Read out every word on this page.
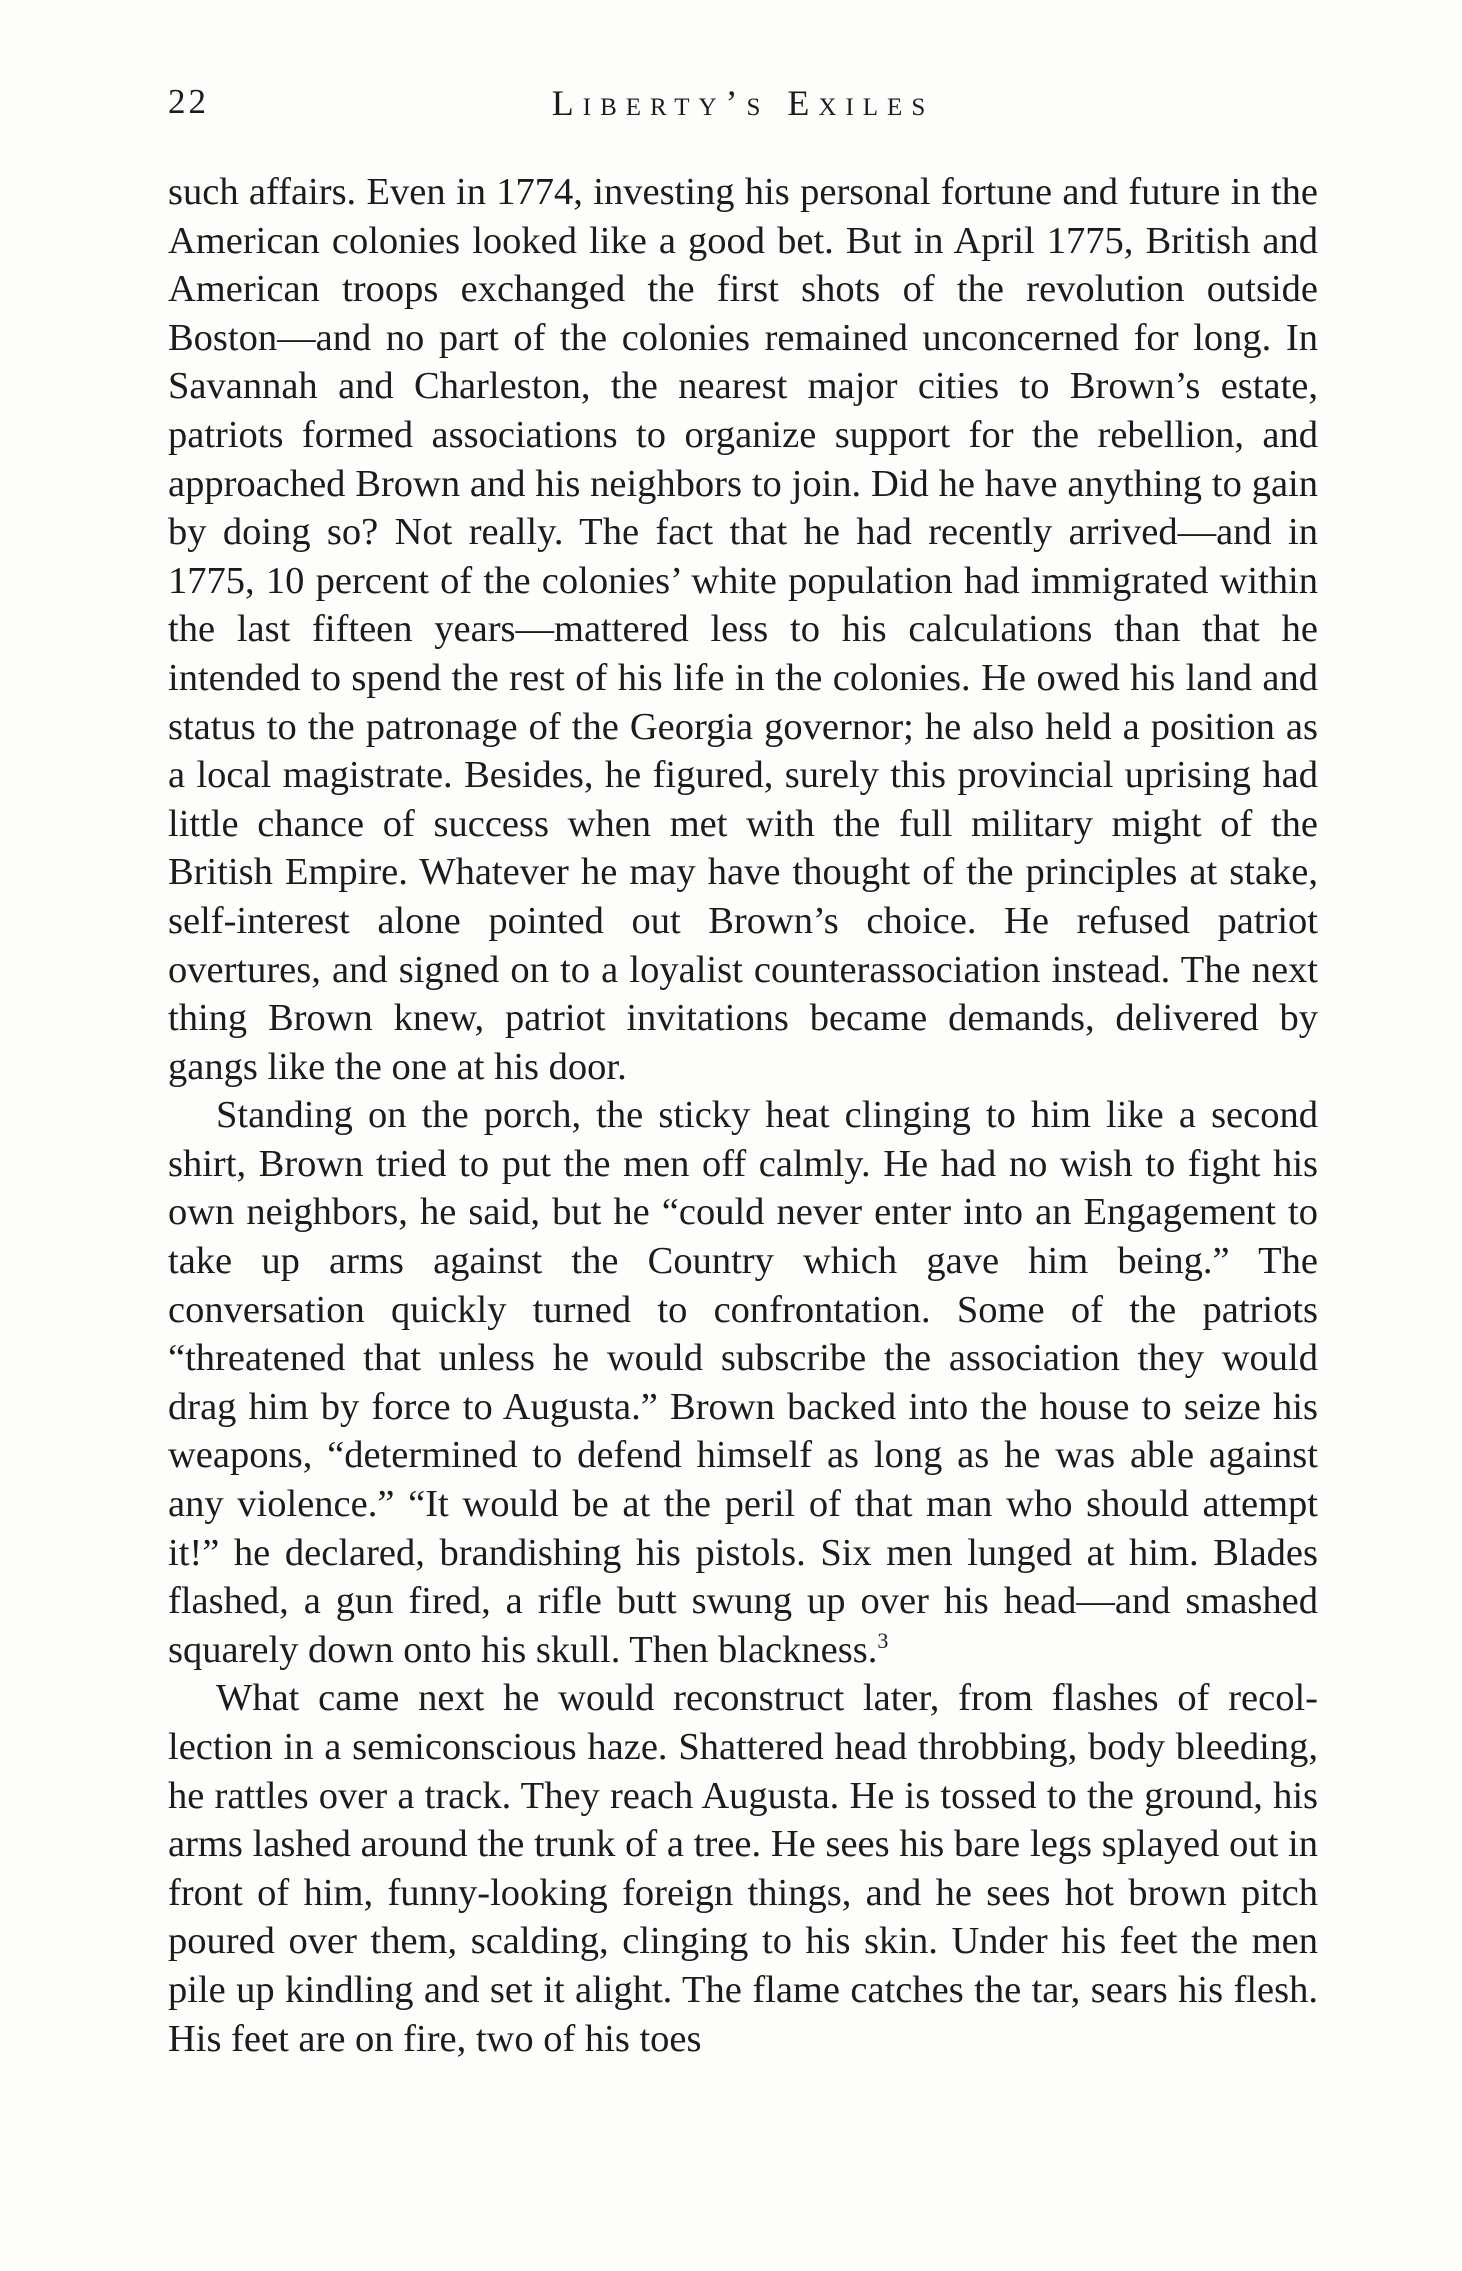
22	Liberty’s Exiles

such affairs. Even in 1774, investing his personal fortune and future in the American colonies looked like a good bet. But in April 1775, British and American troops exchanged the first shots of the revolution outside Boston—and no part of the colonies remained unconcerned for long. In Savannah and Charleston, the nearest major cities to Brown’s estate, patriots formed associations to organize support for the rebellion, and approached Brown and his neighbors to join. Did he have anything to gain by doing so? Not really. The fact that he had recently arrived—and in 1775, 10 percent of the colonies’ white population had immigrated within the last fifteen years—mattered less to his calculations than that he intended to spend the rest of his life in the colonies. He owed his land and status to the patronage of the Georgia governor; he also held a position as a local magistrate. Besides, he figured, surely this provincial uprising had little chance of success when met with the full military might of the British Empire. Whatever he may have thought of the principles at stake, self-interest alone pointed out Brown’s choice. He refused patriot overtures, and signed on to a loyalist counterassociation instead. The next thing Brown knew, patriot invitations became demands, delivered by gangs like the one at his door.

Standing on the porch, the sticky heat clinging to him like a second shirt, Brown tried to put the men off calmly. He had no wish to fight his own neighbors, he said, but he “could never enter into an Engagement to take up arms against the Country which gave him being.” The conversation quickly turned to confrontation. Some of the patriots “threatened that unless he would subscribe the association they would drag him by force to Augusta.” Brown backed into the house to seize his weapons, “determined to defend himself as long as he was able against any violence.” “It would be at the peril of that man who should attempt it!” he declared, brandishing his pistols. Six men lunged at him. Blades flashed, a gun fired, a rifle butt swung up over his head—and smashed squarely down onto his skull. Then blackness.$^3$

What came next he would reconstruct later, from flashes of recollection in a semiconscious haze. Shattered head throbbing, body bleeding, he rattles over a track. They reach Augusta. He is tossed to the ground, his arms lashed around the trunk of a tree. He sees his bare legs splayed out in front of him, funny-looking foreign things, and he sees hot brown pitch poured over them, scalding, clinging to his skin. Under his feet the men pile up kindling and set it alight. The flame catches the tar, sears his flesh. His feet are on fire, two of his toes
